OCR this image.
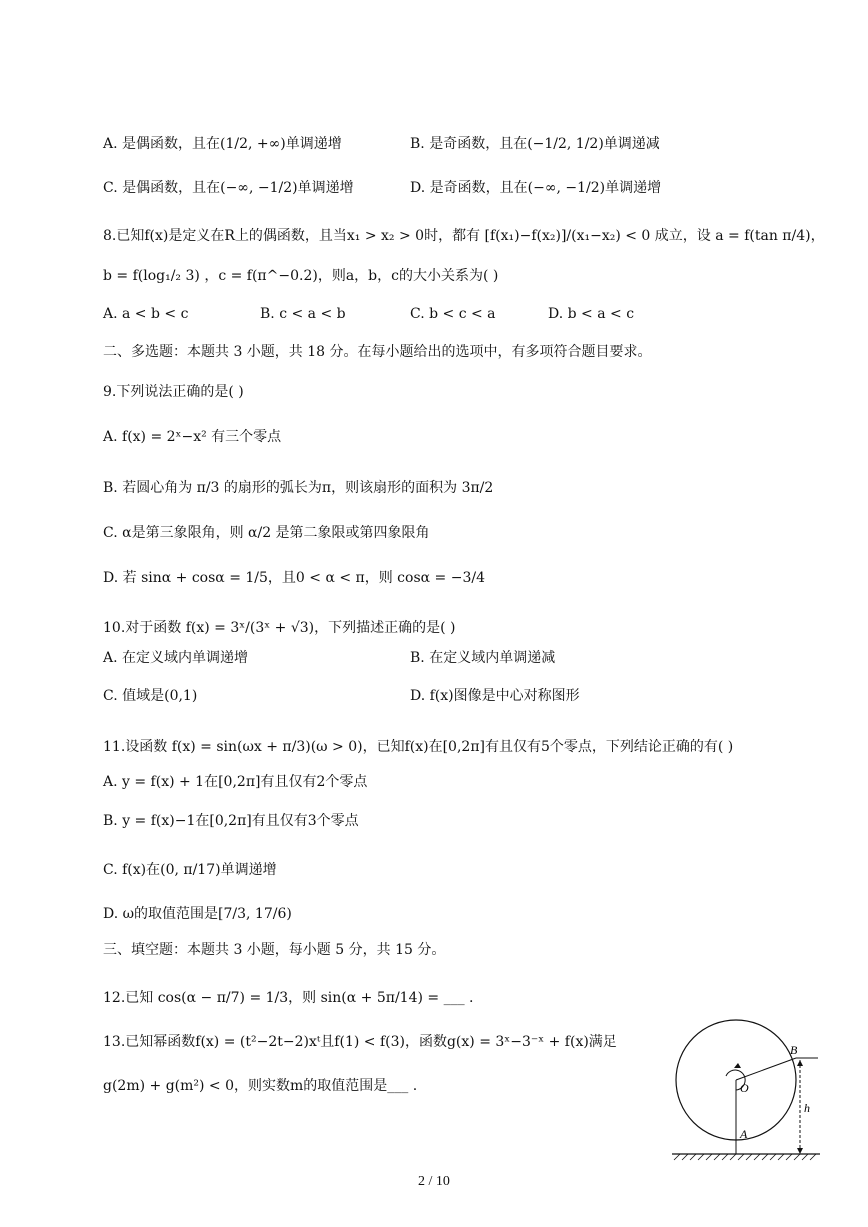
A. 是偶函数，且在(1/2, +∞)单调递增	B. 是奇函数，且在(−1/2, 1/2)单调递减
C. 是偶函数，且在(−∞, −1/2)单调递增	D. 是奇函数，且在(−∞, −1/2)单调递增
8.已知f(x)是定义在R上的偶函数，且当x₁ > x₂ > 0时，都有 [f(x₁)−f(x₂)]/(x₁−x₂) < 0 成立，设 a = f(tan π/4)，
b = f(log₁/₂ 3) ，c = f(π^−0.2)，则a，b，c的大小关系为( )
A. a < b < c	B. c < a < b	C. b < c < a	D. b < a < c
二、多选题：本题共 3 小题，共 18 分。在每小题给出的选项中，有多项符合题目要求。
9.下列说法正确的是( )
A. f(x) = 2ˣ−x² 有三个零点
B. 若圆心角为 π/3 的扇形的弧长为π，则该扇形的面积为 3π/2
C. α是第三象限角，则 α/2 是第二象限或第四象限角
D. 若 sinα + cosα = 1/5，且0 < α < π，则 cosα = −3/4
10.对于函数 f(x) = 3ˣ/(3ˣ + √3)，下列描述正确的是( )
A. 在定义域内单调递增	B. 在定义域内单调递减
C. 值域是(0,1)	D. f(x)图像是中心对称图形
11.设函数 f(x) = sin(ωx + π/3)(ω > 0)，已知f(x)在[0,2π]有且仅有5个零点，下列结论正确的有( )
A. y = f(x) + 1在[0,2π]有且仅有2个零点
B. y = f(x)−1在[0,2π]有且仅有3个零点
C. f(x)在(0, π/17)单调递增
D. ω的取值范围是[7/3, 17/6)
三、填空题：本题共 3 小题，每小题 5 分，共 15 分。
12.已知 cos(α − π/7) = 1/3，则 sin(α + 5π/14) = ___ .
13.已知幂函数f(x) = (t²−2t−2)xᵗ且f(1) < f(3)，函数g(x) = 3ˣ−3⁻ˣ + f(x)满足
g(2m) + g(m²) < 0，则实数m的取值范围是___ .
B
O
A
h
2 / 10
